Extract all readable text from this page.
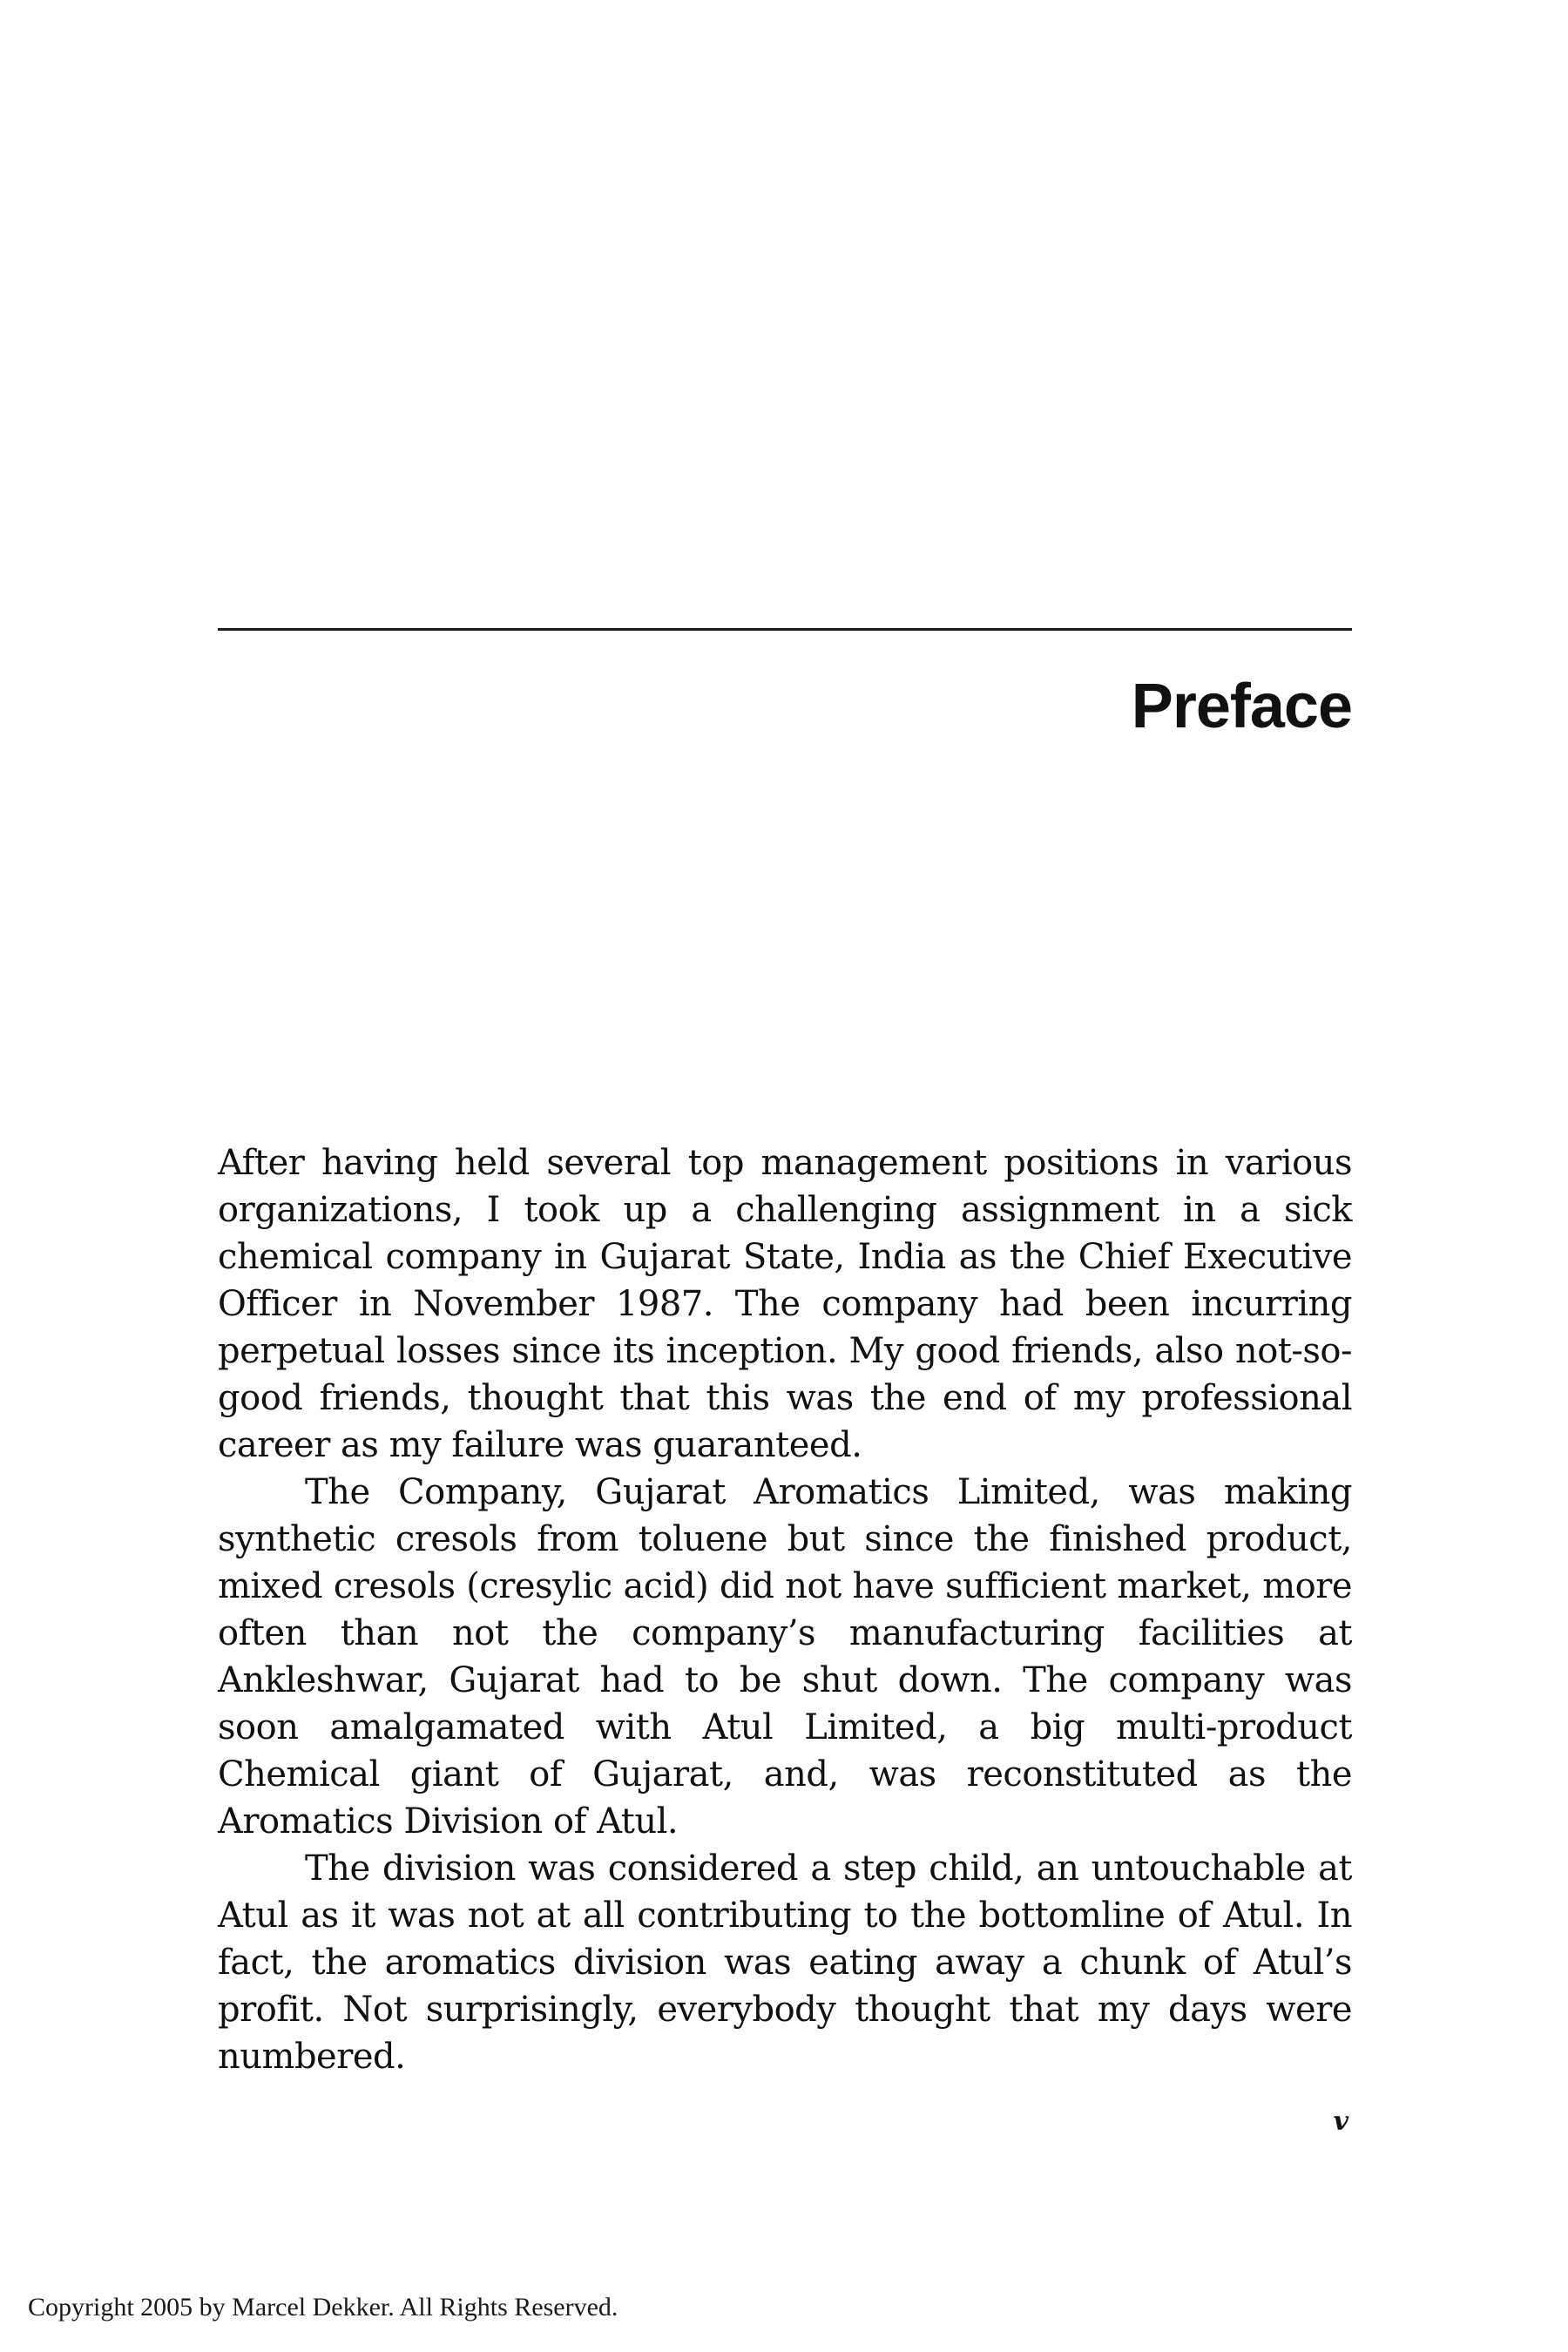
Preface

After having held several top management positions in various organizations, I took up a challenging assignment in a sick chemical company in Gujarat State, India as the Chief Executive Officer in November 1987. The company had been incurring perpetual losses since its inception. My good friends, also not-so-good friends, thought that this was the end of my professional career as my failure was guaranteed.

The Company, Gujarat Aromatics Limited, was making synthetic cresols from toluene but since the finished product, mixed cresols (cresylic acid) did not have sufficient market, more often than not the company’s manufacturing facilities at Ankleshwar, Gujarat had to be shut down. The company was soon amalgamated with Atul Limited, a big multi-product Chemical giant of Gujarat, and, was reconstituted as the Aromatics Division of Atul.

The division was considered a step child, an untouchable at Atul as it was not at all contributing to the bottomline of Atul. In fact, the aromatics division was eating away a chunk of Atul’s profit. Not surprisingly, everybody thought that my days were numbered.

v
Copyright 2005 by Marcel Dekker. All Rights Reserved.
